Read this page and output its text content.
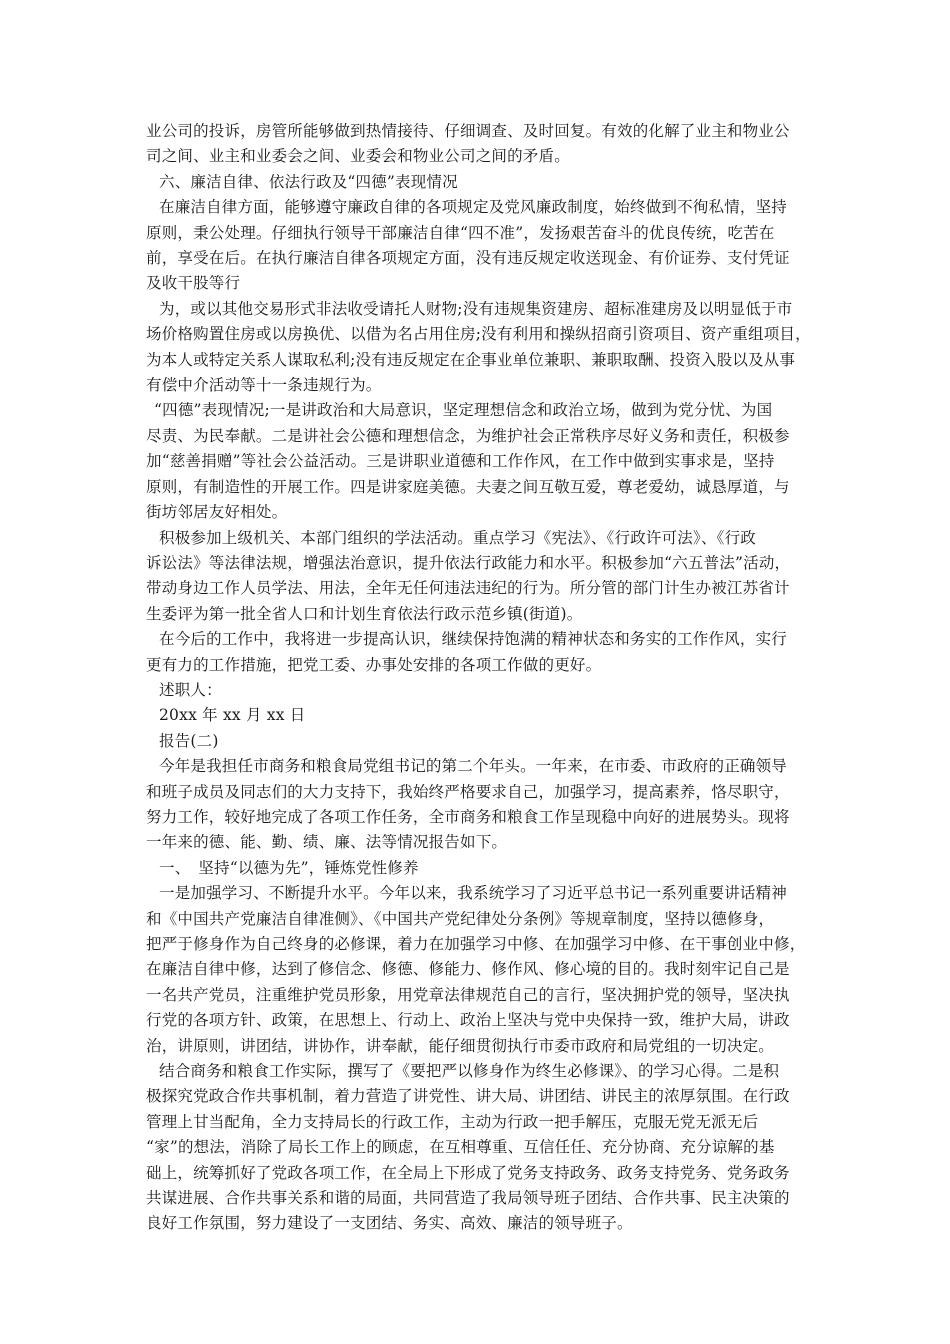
业公司的投诉，房管所能够做到热情接待、仔细调查、及时回复。有效的化解了业主和物业公

司之间、业主和业委会之间、业委会和物业公司之间的矛盾。

六、廉洁自律、依法行政及“四德”表现情况

在廉洁自律方面，能够遵守廉政自律的各项规定及党风廉政制度，始终做到不徇私情，坚持

原则，秉公处理。仔细执行领导干部廉洁自律“四不准”，发扬艰苦奋斗的优良传统，吃苦在

前，享受在后。在执行廉洁自律各项规定方面，没有违反规定收送现金、有价证券、支付凭证

及收干股等行

为，或以其他交易形式非法收受请托人财物;没有违规集资建房、超标准建房及以明显低于市

场价格购置住房或以房换优、以借为名占用住房;没有利用和操纵招商引资项目、资产重组项目，

为本人或特定关系人谋取私利;没有违反规定在企事业单位兼职、兼职取酬、投资入股以及从事

有偿中介活动等十一条违规行为。

“四德”表现情况;一是讲政治和大局意识，坚定理想信念和政治立场，做到为党分忧、为国

尽责、为民奉献。二是讲社会公德和理想信念，为维护社会正常秩序尽好义务和责任，积极参

加“慈善捐赠”等社会公益活动。三是讲职业道德和工作作风，在工作中做到实事求是，坚持

原则，有制造性的开展工作。四是讲家庭美德。夫妻之间互敬互爱，尊老爱幼，诚恳厚道，与

街坊邻居友好相处。

积极参加上级机关、本部门组织的学法活动。重点学习《宪法》、《行政许可法》、《行政

诉讼法》等法律法规，增强法治意识，提升依法行政能力和水平。积极参加“六五普法”活动，

带动身边工作人员学法、用法，全年无任何违法违纪的行为。所分管的部门计生办被江苏省计

生委评为第一批全省人口和计划生育依法行政示范乡镇(街道)。

在今后的工作中，我将进一步提高认识，继续保持饱满的精神状态和务实的工作作风，实行

更有力的工作措施，把党工委、办事处安排的各项工作做的更好。

述职人：

20xx 年 xx 月 xx 日

报告(二)

今年是我担任市商务和粮食局党组书记的第二个年头。一年来，在市委、市政府的正确领导

和班子成员及同志们的大力支持下，我始终严格要求自己，加强学习，提高素养，恪尽职守，

努力工作，较好地完成了各项工作任务，全市商务和粮食工作呈现稳中向好的进展势头。现将

一年来的德、能、勤、绩、廉、法等情况报告如下。

一、　坚持“以德为先”，锤炼党性修养

一是加强学习、不断提升水平。今年以来，我系统学习了习近平总书记一系列重要讲话精神

和《中国共产党廉洁自律准侧》、《中国共产党纪律处分条例》等规章制度，坚持以德修身，

把严于修身作为自己终身的必修课，着力在加强学习中修、在加强学习中修、在干事创业中修，

在廉洁自律中修，达到了修信念、修德、修能力、修作风、修心境的目的。我时刻牢记自己是

一名共产党员，注重维护党员形象，用党章法律规范自己的言行，坚决拥护党的领导，坚决执

行党的各项方针、政策，在思想上、行动上、政治上坚决与党中央保持一致，维护大局，讲政

治，讲原则，讲团结，讲协作，讲奉献，能仔细贯彻执行市委市政府和局党组的一切决定。

结合商务和粮食工作实际，撰写了《要把严以修身作为终生必修课》、的学习心得。二是积

极探究党政合作共事机制，着力营造了讲党性、讲大局、讲团结、讲民主的浓厚氛围。在行政

管理上甘当配角，全力支持局长的行政工作，主动为行政一把手解压，克服无党无派无后

“家”的想法，消除了局长工作上的顾虑，在互相尊重、互信任任、充分协商、充分谅解的基

础上，统筹抓好了党政各项工作，在全局上下形成了党务支持政务、政务支持党务、党务政务

共谋进展、合作共事关系和谐的局面，共同营造了我局领导班子团结、合作共事、民主决策的

良好工作氛围，努力建设了一支团结、务实、高效、廉洁的领导班子。
